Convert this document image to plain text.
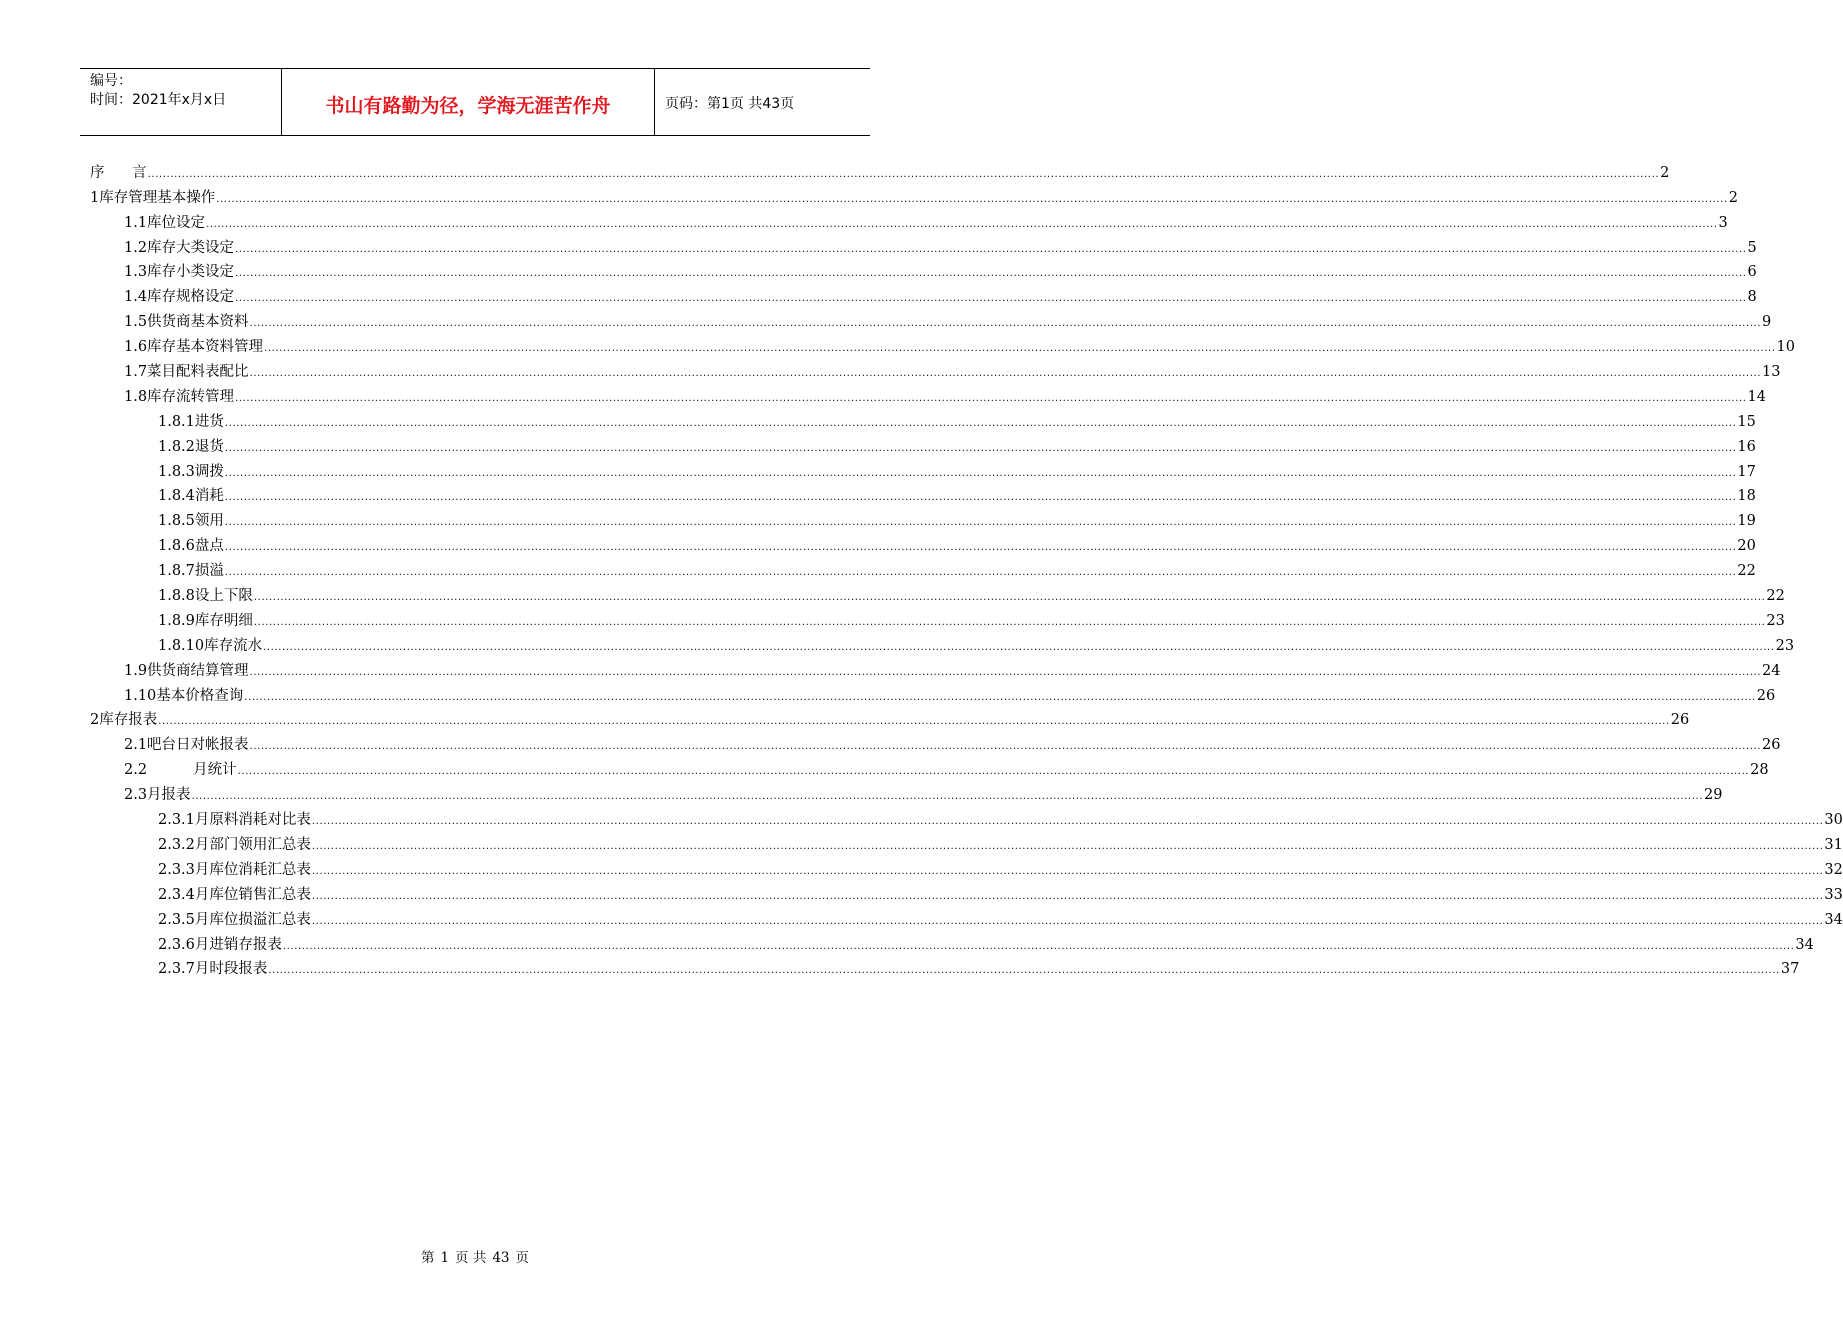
编号：
时间：2021年x月x日	书山有路勤为径，学海无涯苦作舟	页码：第1页 共43页
序      言 ................................................................................................................................................................................................................................................................................................................................................................................................................ 2
1库存管理基本操作 ................................................................................................................................................................................................................................................................................................................................................................................................................ 2
1.1库位设定 ................................................................................................................................................................................................................................................................................................................................................................................................................ 3
1.2库存大类设定 ................................................................................................................................................................................................................................................................................................................................................................................................................ 5
1.3库存小类设定 ................................................................................................................................................................................................................................................................................................................................................................................................................ 6
1.4库存规格设定 ................................................................................................................................................................................................................................................................................................................................................................................................................ 8
1.5供货商基本资料 ................................................................................................................................................................................................................................................................................................................................................................................................................ 9
1.6库存基本资料管理 ................................................................................................................................................................................................................................................................................................................................................................................................................ 10
1.7菜目配料表配比 ................................................................................................................................................................................................................................................................................................................................................................................................................ 13
1.8库存流转管理 ................................................................................................................................................................................................................................................................................................................................................................................................................ 14
1.8.1进货 ................................................................................................................................................................................................................................................................................................................................................................................................................ 15
1.8.2退货 ................................................................................................................................................................................................................................................................................................................................................................................................................ 16
1.8.3调拨 ................................................................................................................................................................................................................................................................................................................................................................................................................ 17
1.8.4消耗 ................................................................................................................................................................................................................................................................................................................................................................................................................ 18
1.8.5领用 ................................................................................................................................................................................................................................................................................................................................................................................................................ 19
1.8.6盘点 ................................................................................................................................................................................................................................................................................................................................................................................................................ 20
1.8.7损溢 ................................................................................................................................................................................................................................................................................................................................................................................................................ 22
1.8.8设上下限 ................................................................................................................................................................................................................................................................................................................................................................................................................ 22
1.8.9库存明细 ................................................................................................................................................................................................................................................................................................................................................................................................................ 23
1.8.10库存流水 ................................................................................................................................................................................................................................................................................................................................................................................................................ 23
1.9供货商结算管理 ................................................................................................................................................................................................................................................................................................................................................................................................................ 24
1.10基本价格查询 ................................................................................................................................................................................................................................................................................................................................................................................................................ 26
2库存报表 ................................................................................................................................................................................................................................................................................................................................................................................................................ 26
2.1吧台日对帐报表 ................................................................................................................................................................................................................................................................................................................................................................................................................ 26
2.2          月统计 ................................................................................................................................................................................................................................................................................................................................................................................................................ 28
2.3月报表 ................................................................................................................................................................................................................................................................................................................................................................................................................ 29
2.3.1月原料消耗对比表 ................................................................................................................................................................................................................................................................................................................................................................................................................ 30
2.3.2月部门领用汇总表 ................................................................................................................................................................................................................................................................................................................................................................................................................ 31
2.3.3月库位消耗汇总表 ................................................................................................................................................................................................................................................................................................................................................................................................................ 32
2.3.4月库位销售汇总表 ................................................................................................................................................................................................................................................................................................................................................................................................................ 33
2.3.5月库位损溢汇总表 ................................................................................................................................................................................................................................................................................................................................................................................................................ 34
2.3.6月进销存报表 ................................................................................................................................................................................................................................................................................................................................................................................................................ 34
2.3.7月时段报表 ................................................................................................................................................................................................................................................................................................................................................................................................................ 37
第 1 页 共 43 页
